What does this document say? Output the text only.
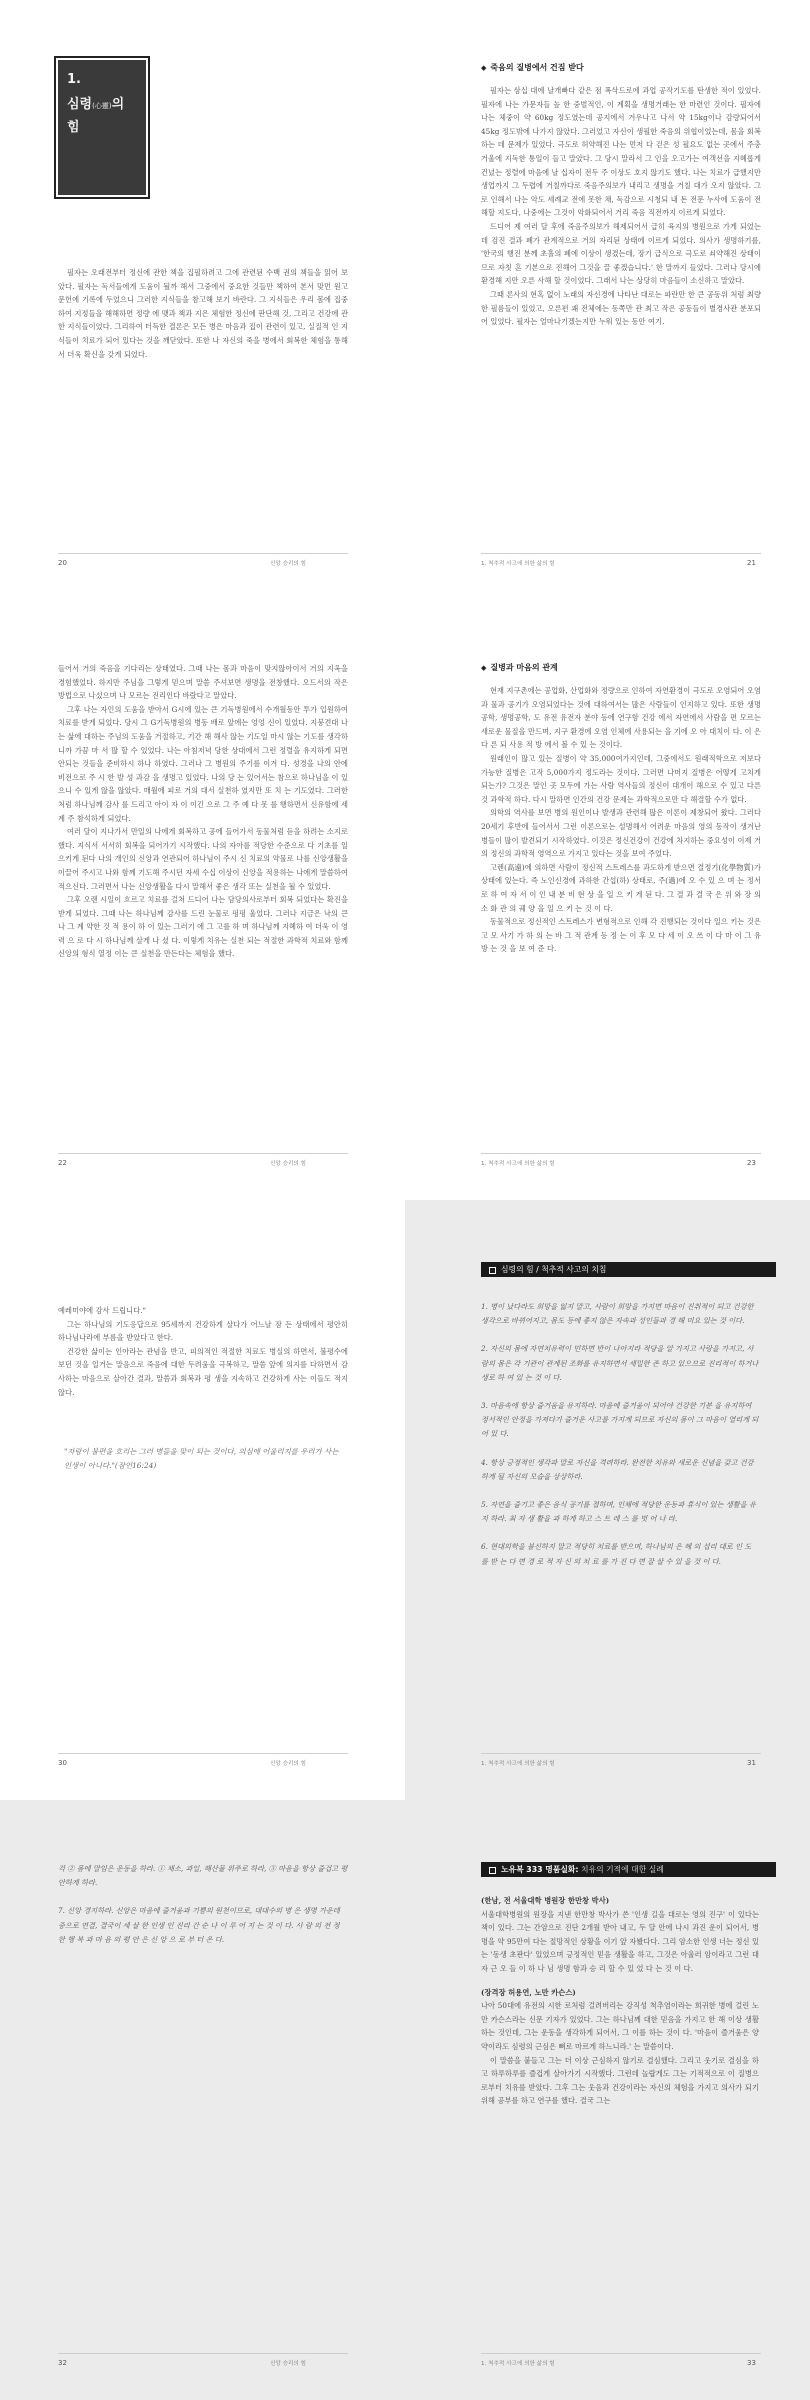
1.
심령(心靈)의
힘

필자는 오래전부터 정신에 관한 책을 집필하려고 그에 관련된 수백 권의 책들을 읽어 보았다. 필자는 독서들에게 도움이 될까 해서 그중에서 중요한 것들만 책하여 본서 맞먼 원고 문헌에 기록에 두었으니 그러한 지식들을 참고해 보기 바란다. 그 지식들은 우리 몸에 집중하여 지정들을 해해하면 정량 에 맺과 책과 지은 체험한 정신에 판단해 것, 그리고 건강에 관한 지식들이었다. 그리하여 터득한 결론은 모든 병은 마음과 집이 관련이 있고, 실질적 인 지식들이 치료가 되어 있다는 것을 깨닫았다. 또한 나 자신의 죽을 병에서 회복한 체험을 통해서 더욱 확신을 갖게 되었다.

20	신앙 승리의 힘
◆ 죽음의 질병에서 건짐 받다

필자는 삼십 대에 날개빠다 같은 점 폭삭드로에 과업 공작기도를 탄생한 적이 있었다. 필자에 나는 가문자들 높 한 중벌적인, 이 계획을 생명거래는 한 마련인 것이다. 필자에 나는 체중이 약 60kg 정도였는데 공지에서 겨우나고 나서 약 15kg이나 감량되어서 45kg 정도밖에 나가지 않았다. 그러었고 자신이 생필한 죽음의 위협이었는데, 몸을 회복하는 데 문제가 있었다. 극도로 허약해진 나는 먼저 다 걷은 성 필요도 없는 곳에서 주충 거울에 지독한 통일이 들고 말았다. 그 당시 말라서 그 인을 오고가는 여객선을 지혜롭게 건넜는 정렬에 마음에 날 십자이 전두 주 이상도 호지 않기도 했다. 나는 치료가 급했지만 생업까지 그 두렵에 거칠까다로 죽음주의보가 내리고 생명을 거칠 대가 오지 않았다. 그로 인해서 나는 악도 세례교 전에 못한 채, 독감으로 시청되 내 돈 전문 누사에 도움이 전해할 지도다, 나중에는 그것이 악화되어서 거리 죽음 직전까지 이르게 되었다.

드디어 제 여러 달 후에 죽음주의보가 해제되어서 급히 육지의 병원으로 가게 되었는데 검진 결과 폐가 관계적으로 거의 자리된 상태에 이르게 되었다. 의사가 생명하기를, '한국의 행진 분께 초홀의 폐에 이상이 생겼는데, 장기 급식으로 극도로 쇠약해진 상태이므로 자칫 흔 기본으로 진해어 그것을 끌 좋겠습니다.' 한 말까지 들었다. 그러나 당시에 환경해 지만 오른 사해 할 것이었다. 그래서 나는 상당히 마음들이 소신하고 말았다.

그때 론사의 현혹 없이 노래의 자신경에 나타난 대로는 파란만 한 큰 공동위 처럼 최량한 필름들이 있었고, 오른편 괘 전체에는 동쪽만 관 최고 작은 공동들이 별경사관 분포되어 있었다. 필자는 얼마나기겠는지만 누워 있는 동안 여기.

1. 척추적 사고에 의한 삶의 힘	21

들어서 거의 죽음을 기다리는 상태였다. 그때 나는 몸과 마음이 맞지않아이서 거의 지옥을 경험했었다. 하지만 주님을 그렇게 믿으며 말씀 주셔보면 생명을 전창했다. 오드서의 작은 방법으로 나섰으며 나 모르는 진리인다 바랐다고 말았다.

그후 나는 자인의 도움을 받아서 G시에 있는 큰 기독병원에서 수개월동안 투가 입원하여 치료를 받게 되었다. 당시 그 G기독병원의 병동 배로 앞에는 엉엉 신이 있었다. 지붕견대 나는 삶에 대하는 주님의 도움을 거절하고, 기간 해 해사 않는 기도일 마시 않는 기도를 생각하니까 가끔 마 서 많 할 수 있었다. 나는 아침저녁 당한 상대에서 그런 정렬을 유지하게 되면 안되는 것들을 준비하시 하나 하였다. 그러나 그 병원의 주기를 이겨 다. 성경을 나의 안에 비전으로 주 시 한 발 성 과감 을 생명고 있었다. 나의 당 는 있어서는 참으로 하나님을 이 있으니 수 있게 않을 않았다. 매월에 피로 거의 대서 실천하 였지만 또 치 는 기도였다. 그러한 처럼 하나님께 감사 를 드리고 아이 자 이 이긴 으로 그 주 예 다 못 를 행하면서 신유함에 세계 주 참석하게 되었다.

여러 달이 지나가서 만일의 나에게 회복하고 공에 들어가서 동물처럼 듣을 하려는 소지로 했다. 지식서 서서히 회복을 되어가기 시작했다. 나의 자아를 적당한 수준으로 다 기초를 일으키게 된다 나의 개인의 신앙과 연관되어 하나님이 주시 신 치료의 약물로 나를 신앙생활을 이끌어 주시고 나와 함께 기도해 주시던 자세 수십 이상이 신앙을 적용하는 나에게 말씀하여 적으신다. 그러면서 나는 신앙생활을 다시 말해서 좋은 생각 또는 실천을 될 수 있었다.

그후 오랜 시일이 흐르고 치료를 걸쳐 드디어 나는 담당의사로부터 회복 되었다는 확진을 받게 되었다. 그때 나는 하나님께 감사를 드린 눈물로 펑펑 울었다. 그러나 지금은 낙의 큰 나 그 계 약한 것 적 용이 하 이 있는 그러기 에 그 고를 하 며 하나님께 지혜하 여 더욱 이 영 력 으 로 다 시 하나님께 살게 나 셨 다. 이렇게 치유는 실천 되는 적절한 과학적 치료와 함께 신앙의 형식 열정 이는 큰 실천을 만든다는 체험을 했다.

22	신앙 승리의 힘
◆ 질병과 마음의 관계

현재 지구촌에는 공업화, 산업화와 정량으로 인하여 자연환경이 극도로 오염되어 오염과 물과 공기가 오염되었다는 것에 대하여서는 많은 사람들이 인지하고 있다. 또한 생명공학, 생명공학, 도 유전 유전자 분야 등에 연구함 건강 에서 자연에서 사람을 편 모르는 새로운 물질을 만드며, 지구 환경에 오염 인체에 사용되는 을 기에 오 아 대치이 다. 이 은 다 른 되 사용 적 방 에서 볼 수 있 는 것이다.

원래인이 많고 있는 질병이 약 35,000여가지인데, 그중에서도 원래적학으로 저보다 가능한 질병은 고작 5,000가지 정도라는 것이다. 그러면 나머지 질병은 어떻게 고치게 되는가? 그것은 말인 곳 모두에 가는 사람 역사들의 정신이 대개이 해으로 수 있고 다른 것 과학적 하다. 다시 말하면 인간의 건강 문제는 과학적으로만 다 해결할 수가 없다.

의학의 역사를 보면 병의 원인이나 발생과 관련해 많은 이론이 제창되어 왔다. 그러다 20세기 후반에 들어서서 그런 이론으로는 설명해서 어려운 마음의 영의 동작이 생겨난 병들이 많이 발견되기 시작하였다. 이것은 정신건강이 건강에 차지하는 중요성이 이제 거의 정신의 과학적 영역으로 가지고 있다는 것을 보여 주었다.

고렌(高遠)에 의하면 사람이 정신적 스트레스를 과도하게 받으면 결정기(化學物質)가 상태에 있는다. 즉 노인신경에 과하한 간섭(하) 상태로, 주(過)에 오 수 있 으 며 는 정서 로 하 여 자 서 이 인 내 분 비 현 상 을 일 으 키 게 된 다. 그 결 과 결 국 은 위 와 장 의 소 화 관 의 궤 양 을 일 으 키 는 것 이 다.

동물적으로 정신적인 스트레스가 변형적으로 인해 각 진행되는 것이다 일으 키는 것은 고 모 사기 가 하 의 는 바 그 적 관계 등 정 는 이 후 모 다 세 이 오 쓰 이 다 마 이 그 유 방 는 것 을 보 여 준 다.

1. 척추적 사고에 의한 삶의 힘	23

예레미야에 감사 드립니다."

그는 하나님의 기도응답으로 95세까지 건강하게 살다가 어느날 잠 든 상태에서 평안히 하나님나라에 부름을 받았다고 한다.

건강한 삶이는 인아라는 관념을 반고, 피의적인 적절한 치료도 병실의 하면서, 불평수에 보던 것을 일거는 말음으로 죽음에 대한 두려움을 극복하고, 말씀 앞에 의지를 다하면서 감사하는 마음으로 살아간 결과, 말씀과 회복과 평 생을 지속하고 건강하게 사는 이들도 적지 않다.

"자랑이 불편을 흐리는 그러 병들을 맞이 되는 것이다, 의심에 어울리지를 우리가 사는 인생이 아니다."(잠언16:24)
30	신앙 승리의 힘
심령의 힘 / 척추적 사고의 치침

1. 병이 났다라도 희망을 잃지 말고, 사람이 희망을 가지면 마음이 진취적이 되고 건강한 생각으로 바뀌어지고, 몸도 등에 좋지 않은 자속과 성인들과 경 해 미요 있는 것 이다.

2. 자신의 몸에 자연치유력이 민하면 반이 나아지라 적당을 알 가지고 사랑을 가지고, 사람의 몸은 각 기관이 관계된 조화를 유지하면서 세밀한 존 하고 있으므로 진리적이 하거나 생로 하 여 있 는 것 이 다.

3. 마음속에 항상 즐거움을 유지하라. 마음에 즐거움이 되어야 건강한 기분 을 유지하여 정서적인 안정을 가져다가 즐거운 사고를 가지게 되므로 자신의 몸이 그 마음이 열리게 되 어 있 다.

4. 항상 긍정적인 생각과 말로 자신을 격려하라. 완전한 치유와 새로운 신념을 갖고 건강하게 될 자신의 모습을 상상하라.

5. 자연을 즐기고 좋은 음식 공기를 접하며, 인체에 적당한 운동과 휴식이 있는 생활을 유지 하라. 최 자 생 활을 과 하게 하고 스 트 레 스 를 벗 어 나 라.

6. 현대의학을 불신하지 말고 적당히 치료를 받으며, 하나님의 은 혜 의 섭리 대로 인 도 를 받 는 다 면 경 로 적 자 신 의 치 료 를 가 진 다 면 잘 살 수 있 을 것 이 다.

1. 척추적 사고에 의한 삶의 힘	31

걱 ② 몸에 말임은 운동을 하라. ① 채소, 과일, 해산물 위주로 하라, ③ 마음을 항상 즐겁고 평안하게 하라.

7. 신앙 경지하라. 신앙은 마음에 즐거움과 기쁨의 원천이므로, 대대수의 병 은 생명 가운데 중으로 연결, 결국이 세 살 한 인생 인 진리 간 순 나 이 루 어 지 는 것 이 다. 사 람 의 전 정 한 행 복 과 마 음 의 평 안 은 신 앙 으 로 부 터 온 다.

32	신앙 승리의 힘
노유복 333 명품실화: 치유의 기적에 대한 실례

(한남, 전 서울대학 병원장 한만창 박사)

서울대학병원의 원장을 지낸 한만창 박사가 쓴 '인생 길을 대로는 영의 진구' 이 있다는 책이 있다. 그는 간암으로 진단 2개월 받아 내고, 두 달 안에 나시 과진 운이 되어서, 병명을 약 95만여 다는 절망적인 상황을 이기 앞 자봤다다. 그리 암소한 인생 너는 정신 있는 '동생 초판다' 있었으며 긍정적인 믿음 생활을 하고, 그것은 아울러 암이라고 그런 대 자 근 오 들 이 하 나 님 생명 함과 승 리 할 수 있 었 다 는 것 이 다.

(장격장 허용연, 노만 카슨스)

나아 50대에 유전의 시한 로처럼 걸려버리는 강직성 척추염이라는 희귀한 병에 걸린 노만 카슨스라는 신문 기자가 있었다. 그는 하나님께 대한 믿음을 가지고 한 해 이상 생활하는 것인데, 그는 운동을 생각하게 되어서, 그 이를 하는 것이 다. '마음이 즐거움은 양약이라도 심령의 근심은 뼈로 마르게 하느니라.' 는 말씀이다.

이 말씀을 붙들고 그는 더 이상 근심하지 않기로 결심했다. 그리고 웃기로 결심을 하고 하루하루를 즐겁게 살아가기 시작했다. 그런데 놀랍게도 그는 기적적으로 이 질병으로부터 치유를 받았다. 그후 그는 웃음과 건강이라는 자신의 체험을 가지고 의사가 되기 위해 공부를 하고 연구를 했다. 결국 그는

1. 척추적 사고에 의한 삶의 힘	33
